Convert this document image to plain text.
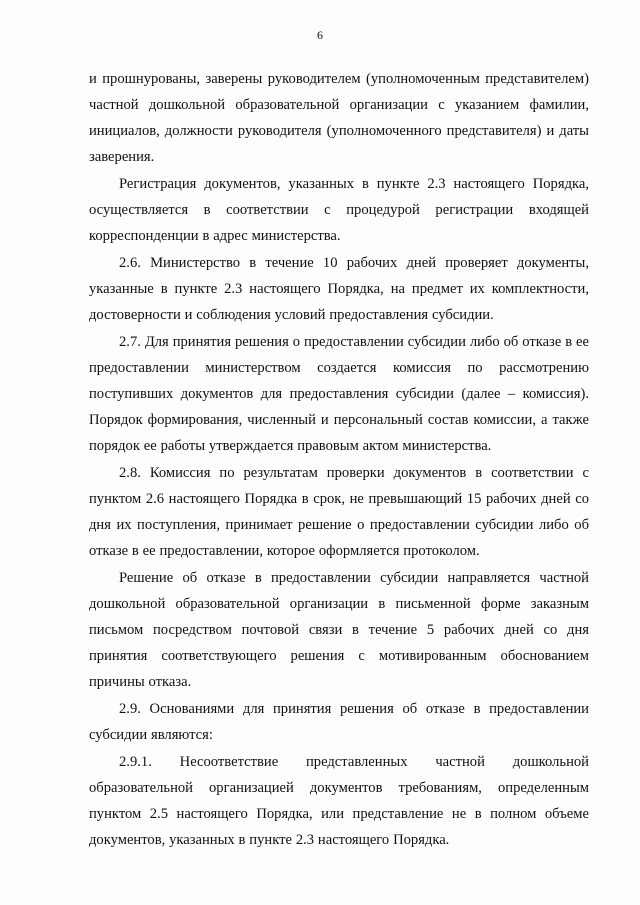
6

и прошнурованы, заверены руководителем (уполномоченным представителем) частной дошкольной образовательной организации с указанием фамилии, инициалов, должности руководителя (уполномоченного представителя) и даты заверения.

Регистрация документов, указанных в пункте 2.3 настоящего Порядка, осуществляется в соответствии с процедурой регистрации входящей корреспонденции в адрес министерства.

2.6. Министерство в течение 10 рабочих дней проверяет документы, указанные в пункте 2.3 настоящего Порядка, на предмет их комплектности, достоверности и соблюдения условий предоставления субсидии.

2.7. Для принятия решения о предоставлении субсидии либо об отказе в ее предоставлении министерством создается комиссия по рассмотрению поступивших документов для предоставления субсидии (далее – комиссия). Порядок формирования, численный и персональный состав комиссии, а также порядок ее работы утверждается правовым актом министерства.

2.8. Комиссия по результатам проверки документов в соответствии с пунктом 2.6 настоящего Порядка в срок, не превышающий 15 рабочих дней со дня их поступления, принимает решение о предоставлении субсидии либо об отказе в ее предоставлении, которое оформляется протоколом.

Решение об отказе в предоставлении субсидии направляется частной дошкольной образовательной организации в письменной форме заказным письмом посредством почтовой связи в течение 5 рабочих дней со дня принятия соответствующего решения с мотивированным обоснованием причины отказа.

2.9. Основаниями для принятия решения об отказе в предоставлении субсидии являются:

2.9.1. Несоответствие представленных частной дошкольной образовательной организацией документов требованиям, определенным пунктом 2.5 настоящего Порядка, или представление не в полном объеме документов, указанных в пункте 2.3 настоящего Порядка.
